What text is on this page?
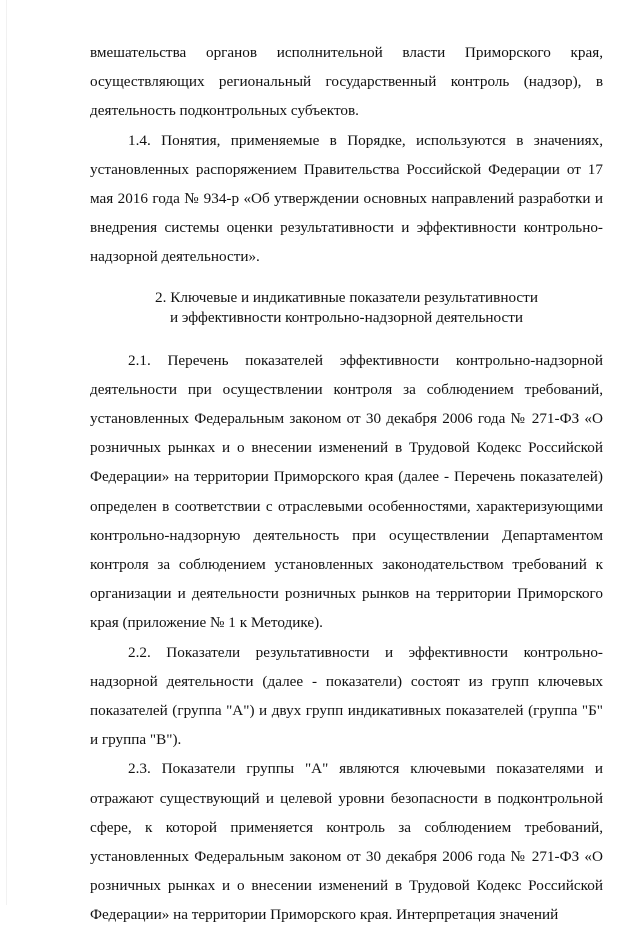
вмешательства органов исполнительной власти Приморского края, осуществляющих региональный государственный контроль (надзор), в деятельность подконтрольных субъектов.

1.4. Понятия, применяемые в Порядке, используются в значениях, установленных распоряжением Правительства Российской Федерации от 17 мая 2016 года № 934-р «Об утверждении основных направлений разработки и внедрения системы оценки результативности и эффективности контрольно-надзорной деятельности».

2. Ключевые и индикативные показатели результативности
и эффективности контрольно-надзорной деятельности

2.1. Перечень показателей эффективности контрольно-надзорной деятельности при осуществлении контроля за соблюдением требований, установленных Федеральным законом от 30 декабря 2006 года № 271-ФЗ «О розничных рынках и о внесении изменений в Трудовой Кодекс Российской Федерации» на территории Приморского края (далее - Перечень показателей) определен в соответствии с отраслевыми особенностями, характеризующими контрольно-надзорную деятельность при осуществлении Департаментом контроля за соблюдением установленных законодательством требований к организации и деятельности розничных рынков на территории Приморского края (приложение № 1 к Методике).

2.2. Показатели результативности и эффективности контрольно-надзорной деятельности (далее - показатели) состоят из групп ключевых показателей (группа "А") и двух групп индикативных показателей (группа "Б" и группа "В").

2.3. Показатели группы "А" являются ключевыми показателями и отражают существующий и целевой уровни безопасности в подконтрольной сфере, к которой применяется контроль за соблюдением требований, установленных Федеральным законом от 30 декабря 2006 года № 271-ФЗ «О розничных рынках и о внесении изменений в Трудовой Кодекс Российской Федерации» на территории Приморского края. Интерпретация значений
